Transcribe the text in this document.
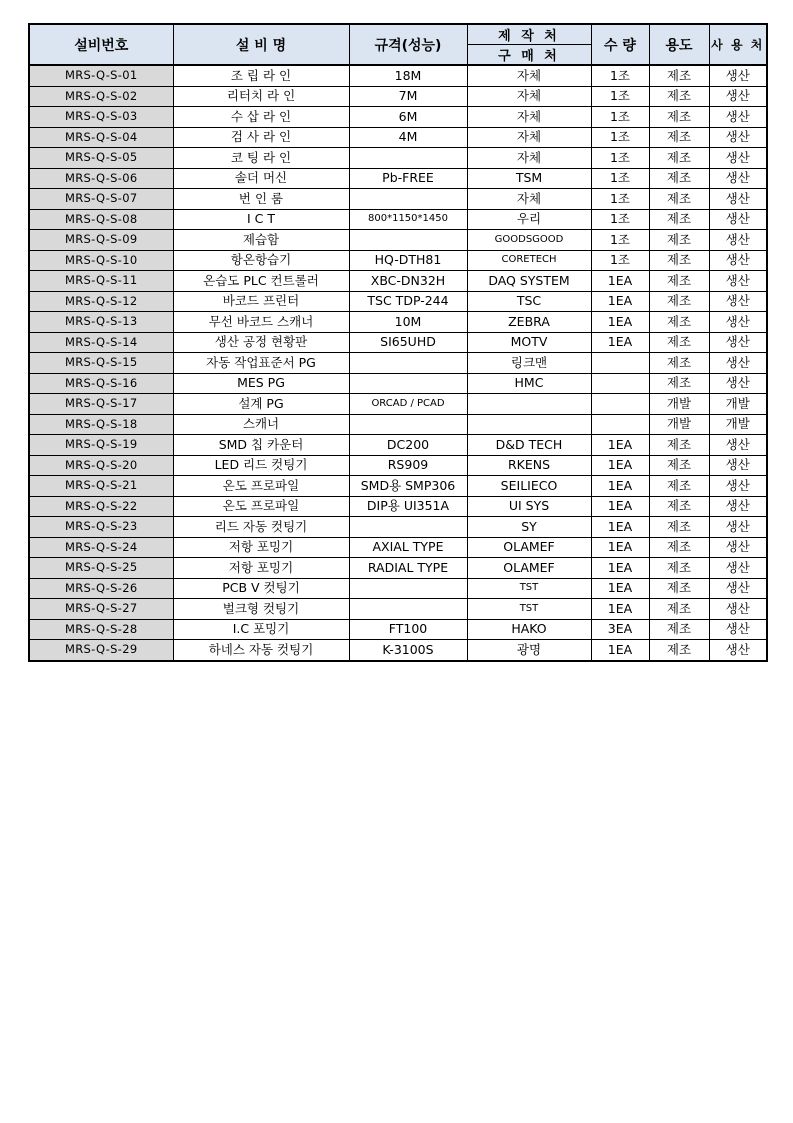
설비번호	설 비 명	규격(성능)	제 작 처	수 량	용도	사 용 처
			구 매 처			
MRS-Q-S-01	조 립 라 인	18M	자체	1조	제조	생산
MRS-Q-S-02	리터치 라 인	7M	자체	1조	제조	생산
MRS-Q-S-03	수 삽 라 인	6M	자체	1조	제조	생산
MRS-Q-S-04	검 사 라 인	4M	자체	1조	제조	생산
MRS-Q-S-05	코 팅 라 인		자체	1조	제조	생산
MRS-Q-S-06	솔더 머신	Pb-FREE	TSM	1조	제조	생산
MRS-Q-S-07	번 인 룸		자체	1조	제조	생산
MRS-Q-S-08	I C T	800*1150*1450	우리	1조	제조	생산
MRS-Q-S-09	제습함		GOODSGOOD	1조	제조	생산
MRS-Q-S-10	항온항습기	HQ-DTH81	CORETECH	1조	제조	생산
MRS-Q-S-11	온습도 PLC 컨트롤러	XBC-DN32H	DAQ SYSTEM	1EA	제조	생산
MRS-Q-S-12	바코드 프린터	TSC TDP-244	TSC	1EA	제조	생산
MRS-Q-S-13	무선 바코드 스캐너	10M	ZEBRA	1EA	제조	생산
MRS-Q-S-14	생산 공정 현황판	SI65UHD	MOTV	1EA	제조	생산
MRS-Q-S-15	자동 작업표준서 PG		링크맨		제조	생산
MRS-Q-S-16	MES PG		HMC		제조	생산
MRS-Q-S-17	설계 PG	ORCAD / PCAD			개발	개발
MRS-Q-S-18	스캐너				개발	개발
MRS-Q-S-19	SMD 칩 카운터	DC200	D&D TECH	1EA	제조	생산
MRS-Q-S-20	LED 리드 컷팅기	RS909	RKENS	1EA	제조	생산
MRS-Q-S-21	온도 프로파일	SMD용 SMP306	SEILIECO	1EA	제조	생산
MRS-Q-S-22	온도 프로파일	DIP용 UI351A	UI SYS	1EA	제조	생산
MRS-Q-S-23	리드 자동 컷팅기		SY	1EA	제조	생산
MRS-Q-S-24	저항 포밍기	AXIAL TYPE	OLAMEF	1EA	제조	생산
MRS-Q-S-25	저항 포밍기	RADIAL TYPE	OLAMEF	1EA	제조	생산
MRS-Q-S-26	PCB V 컷팅기		TST	1EA	제조	생산
MRS-Q-S-27	벌크형 컷팅기		TST	1EA	제조	생산
MRS-Q-S-28	I.C 포밍기	FT100	HAKO	3EA	제조	생산
MRS-Q-S-29	하네스 자동 컷팅기	K-3100S	광명	1EA	제조	생산
